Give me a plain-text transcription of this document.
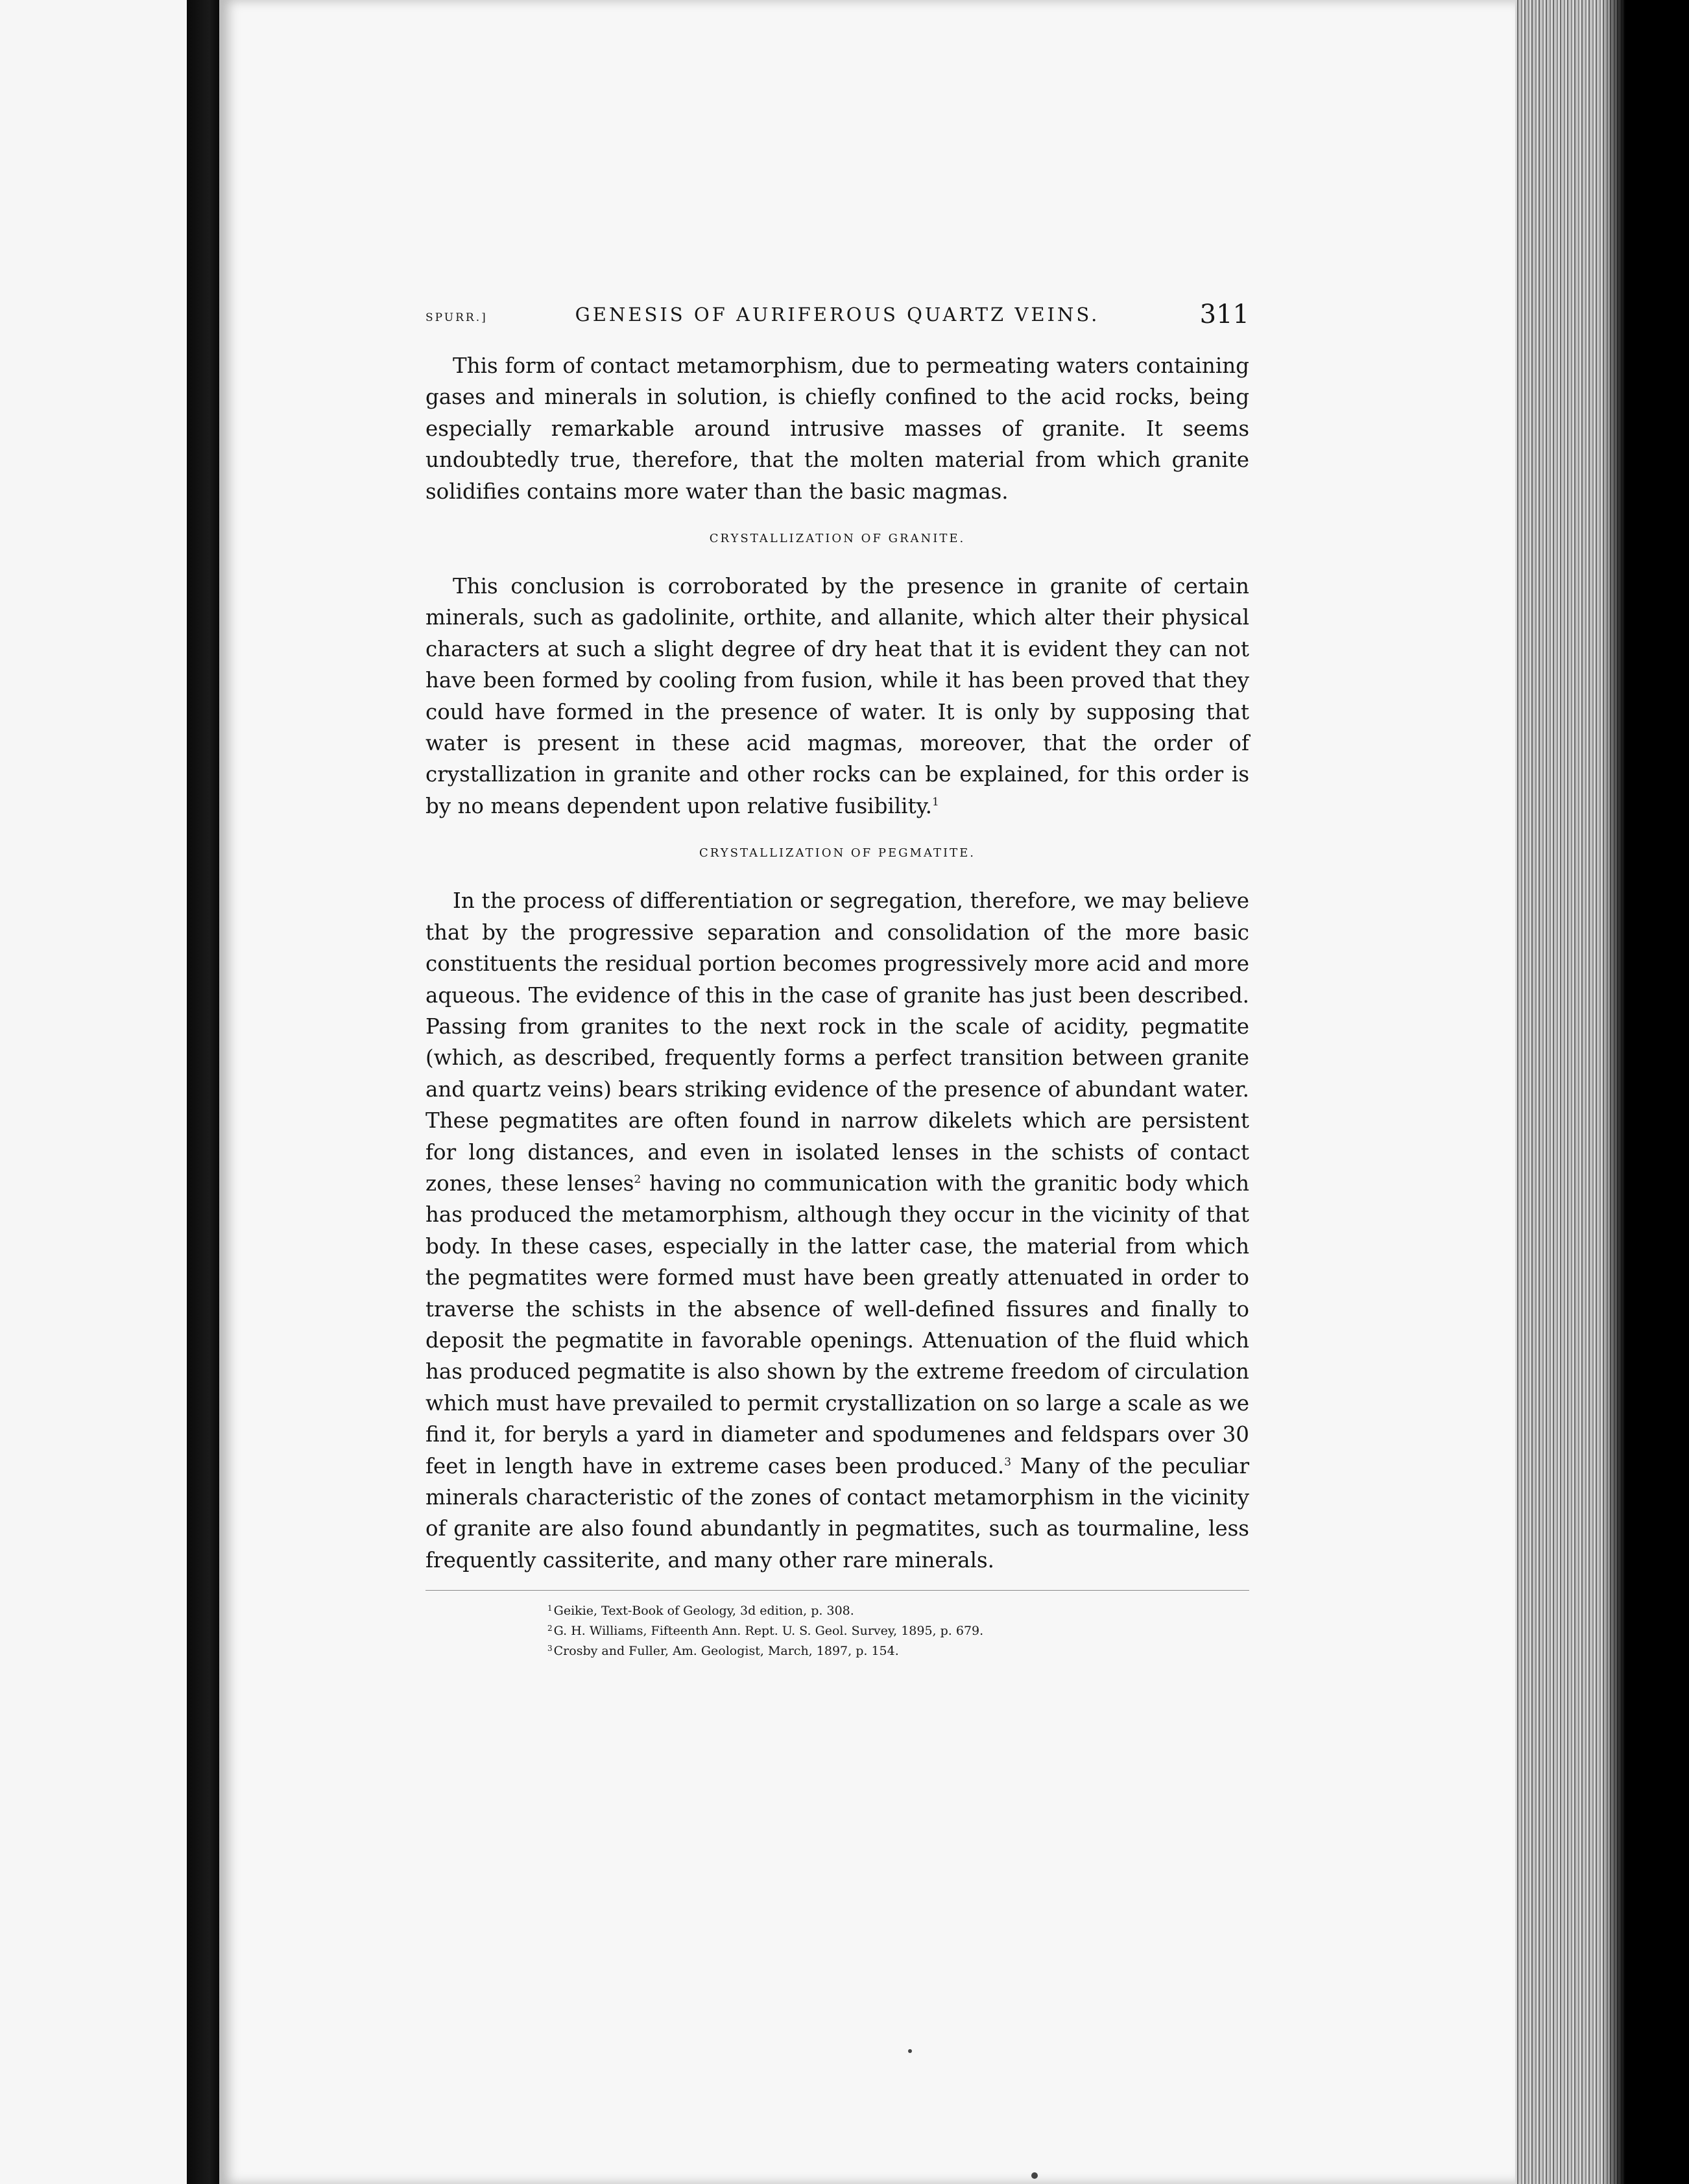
SPURR.]	GENESIS OF AURIFEROUS QUARTZ VEINS.	311

This form of contact metamorphism, due to permeating waters containing gases and minerals in solution, is chiefly confined to the acid rocks, being especially remarkable around intrusive masses of granite. It seems undoubtedly true, therefore, that the molten material from which granite solidifies contains more water than the basic magmas.

CRYSTALLIZATION OF GRANITE.

This conclusion is corroborated by the presence in granite of certain minerals, such as gadolinite, orthite, and allanite, which alter their physical characters at such a slight degree of dry heat that it is evident they can not have been formed by cooling from fusion, while it has been proved that they could have formed in the presence of water. It is only by supposing that water is present in these acid magmas, moreover, that the order of crystallization in granite and other rocks can be explained, for this order is by no means dependent upon relative fusibility.$^1$

CRYSTALLIZATION OF PEGMATITE.

In the process of differentiation or segregation, therefore, we may believe that by the progressive separation and consolidation of the more basic constituents the residual portion becomes progressively more acid and more aqueous. The evidence of this in the case of granite has just been described. Passing from granites to the next rock in the scale of acidity, pegmatite (which, as described, frequently forms a perfect transition between granite and quartz veins) bears striking evidence of the presence of abundant water. These pegmatites are often found in narrow dikelets which are persistent for long distances, and even in isolated lenses in the schists of contact zones, these lenses$^2$ having no communication with the granitic body which has produced the metamorphism, although they occur in the vicinity of that body. In these cases, especially in the latter case, the material from which the pegmatites were formed must have been greatly attenuated in order to traverse the schists in the absence of well-defined fissures and finally to deposit the pegmatite in favorable openings. Attenuation of the fluid which has produced pegmatite is also shown by the extreme freedom of circulation which must have prevailed to permit crystallization on so large a scale as we find it, for beryls a yard in diameter and spodumenes and feldspars over 30 feet in length have in extreme cases been produced.$^3$ Many of the peculiar minerals characteristic of the zones of contact metamorphism in the vicinity of granite are also found abundantly in pegmatites, such as tourmaline, less frequently cassiterite, and many other rare minerals.

$^1$ Geikie, Text-Book of Geology, 3d edition, p. 308.

$^2$ G. H. Williams, Fifteenth Ann. Rept. U. S. Geol. Survey, 1895, p. 679.

$^3$ Crosby and Fuller, Am. Geologist, March, 1897, p. 154.
